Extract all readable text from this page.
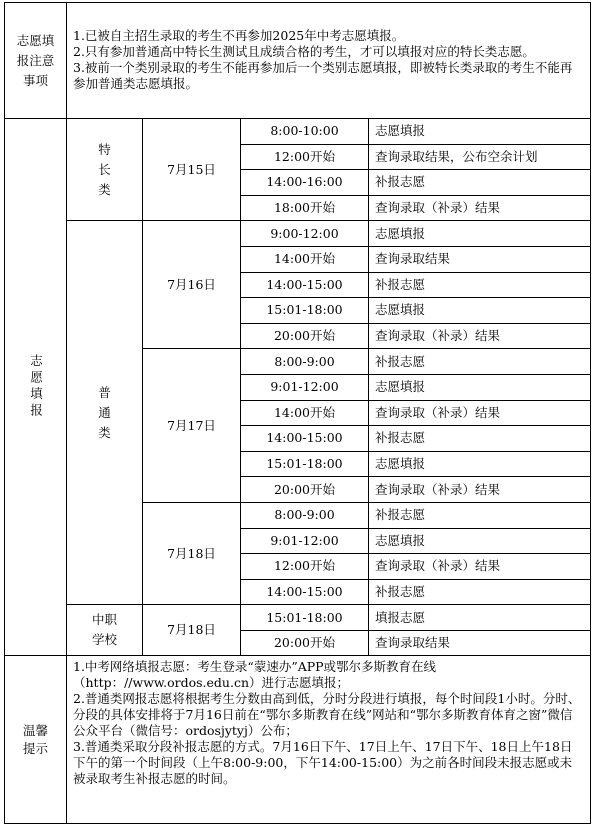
志愿填报注意事项	1.已被自主招生录取的考生不再参加2025年中考志愿填报。

2.只有参加普通高中特长生测试且成绩合格的考生，才可以填报对应的特长类志愿。

3.被前一个类别录取的考生不能再参加后一个类别志愿填报，即被特长类录取的考生不能再参加普通类志愿填报。			

志愿填报	特长类	7月15日	8:00-10:00	志愿填报
			12:00开始	查询录取结果，公布空余计划
			14:00-16:00	补报志愿
			18:00开始	查询录取（补录）结果

	普通类	7月16日	9:00-12:00	志愿填报
			14:00开始	查询录取结果
			14:00-15:00	补报志愿
			15:01-18:00	志愿填报
			20:00开始	查询录取（补录）结果
		7月17日	8:00-9:00	补报志愿
			9:01-12:00	志愿填报
			14:00开始	查询录取（补录）结果
			14:00-15:00	补报志愿
			15:01-18:00	志愿填报
			20:00开始	查询录取（补录）结果
		7月18日	8:00-9:00	补报志愿
			9:01-12:00	志愿填报
			12:00开始	查询录取（补录）结果
			14:00-15:00	补报志愿

	中职学校	7月18日	15:01-18:00	填报志愿
			20:00开始	查询录取结果

温馨提示	1.中考网络填报志愿：考生登录“蒙速办”APP或鄂尔多斯教育在线（http：//www.ordos.edu.cn）进行志愿填报；

2.普通类网报志愿将根据考生分数由高到低，分时分段进行填报，每个时间段1小时。分时、分段的具体安排将于7月16日前在“鄂尔多斯教育在线”网站和“鄂尔多斯教育体育之窗”微信公众平台（微信号：ordosjytyj）公布；

3.普通类采取分段补报志愿的方式。7月16日下午、17日上午、17日下午、18日上午18日下午的第一个时间段（上午8:00-9:00，下午14:00-15:00）为之前各时间段未报志愿或未被录取考生补报志愿的时间。			
